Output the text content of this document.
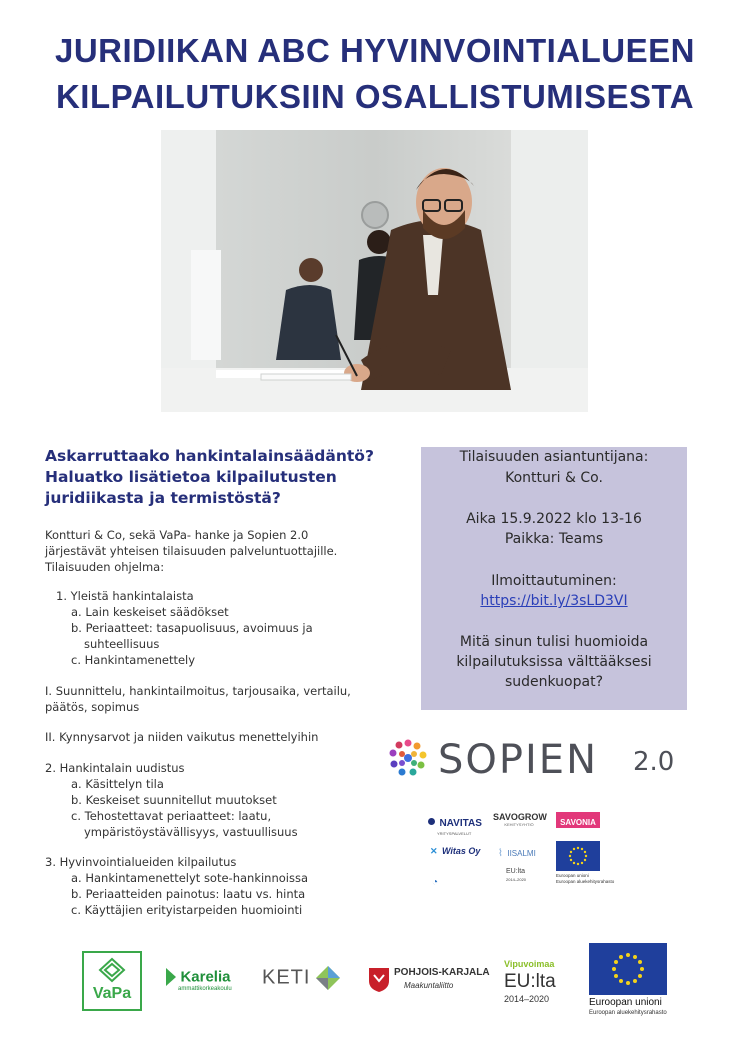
JURIDIIKAN ABC HYVINVOINTIALUEEN
KILPAILUTUKSIIN OSALLISTUMISESTA
Askarruttaako hankintalainsäädäntö?
Haluatko lisätietoa kilpailutusten
juridiikasta ja termistöstä?
Kontturi & Co, sekä VaPa- hanke ja Sopien 2.0
järjestävät yhteisen tilaisuuden palveluntuottajille.
Tilaisuuden ohjelma:
1. Yleistä hankintalaista
a. Lain keskeiset säädökset
b. Periaatteet: tasapuolisuus, avoimuus ja
suhteellisuus
c. Hankintamenettely
I. Suunnittelu, hankintailmoitus, tarjousaika, vertailu,
päätös, sopimus
II. Kynnysarvot ja niiden vaikutus menettelyihin
2. Hankintalain uudistus
a. Käsittelyn tila
b. Keskeiset suunnitellut muutokset
c. Tehostettavat periaatteet: laatu,
ympäristöystävällisyys, vastuullisuus
3. Hyvinvointialueiden kilpailutus
a. Hankintamenettelyt sote-hankinnoissa
b. Periaatteiden painotus: laatu vs. hinta
c. Käyttäjien erityistarpeiden huomiointi
Tilaisuuden asiantuntijana:
Kontturi & Co.
Aika 15.9.2022 klo 13-16
Paikka: Teams
Ilmoittautuminen:
https://bit.ly/3sLD3VI
Mitä sinun tulisi huomioida
kilpailutuksissa välttääksesi
sudenkuopat?
SOPIEN 2.0
NAVITAS
YRITYSPALVELUT
SAVOGROW
KEHITYSYHTIÖ	SAVONIA
✕ Witas Oy ⌇ IISALMI
◔
EU:lta
2014–2020
Euroopan unioni
Euroopan aluekehitysrahasto
VaPa
Karelia
ammattikorkeakoulu
KETI	POHJOIS-KARJALA
Maakuntaliitto
Vipuvoimaa
EU:lta
2014–2020	Euroopan unioni
Euroopan aluekehitysrahasto
